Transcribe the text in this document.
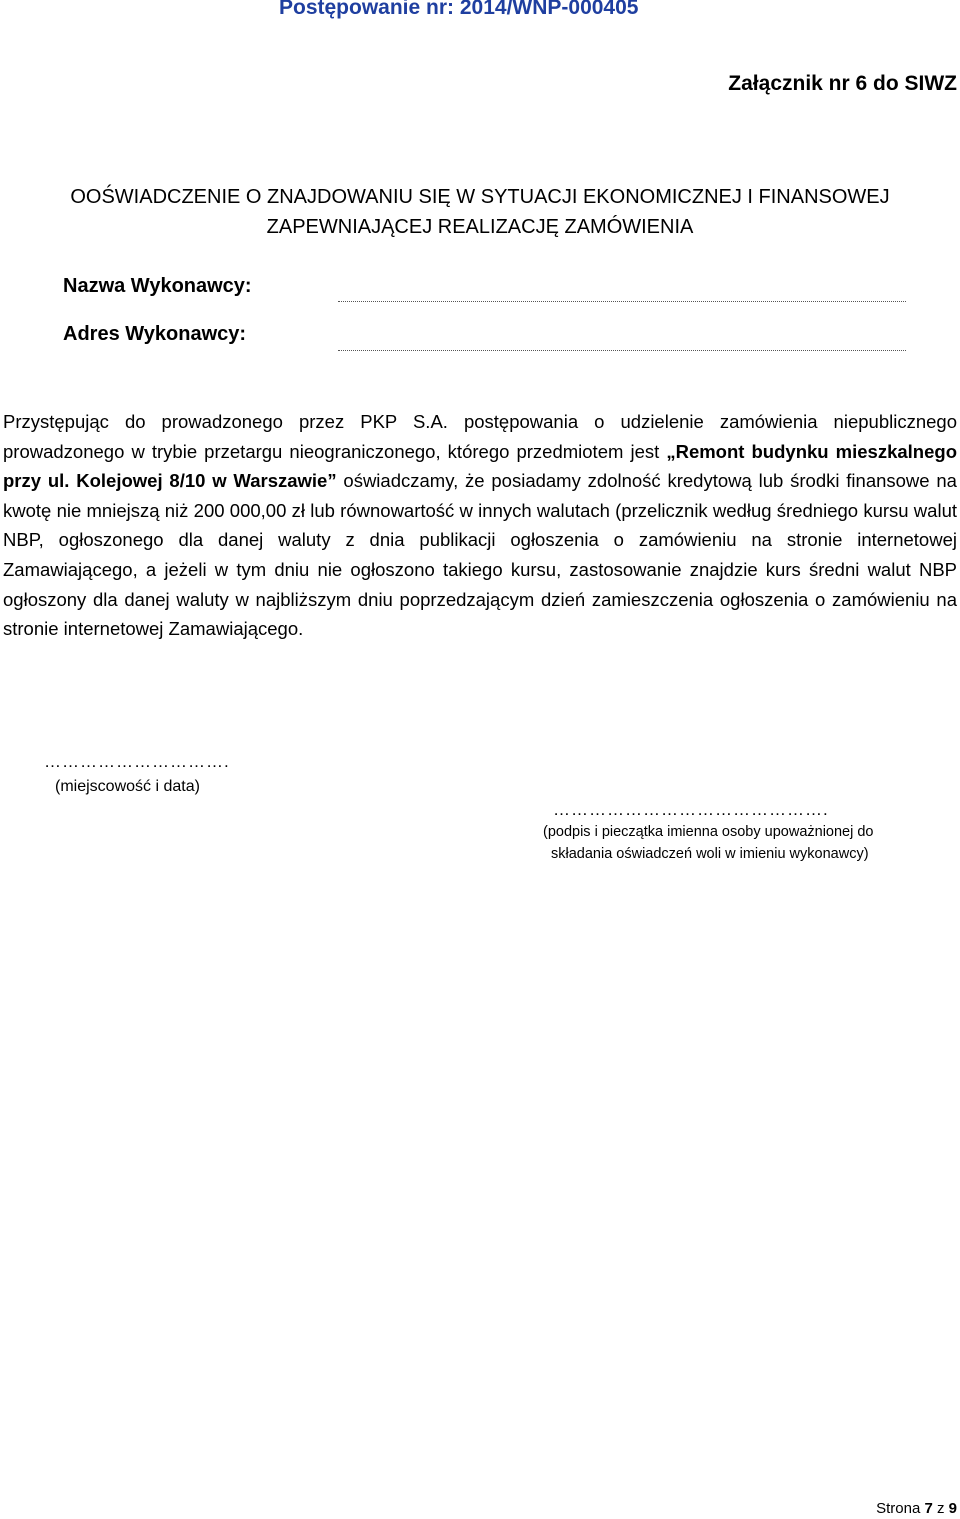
Postępowanie nr: 2014/WNP-000405
Załącznik nr 6 do SIWZ
OOŚWIADCZENIE O ZNAJDOWANIU SIĘ W SYTUACJI EKONOMICZNEJ I FINANSOWEJ
ZAPEWNIAJĄCEJ REALIZACJĘ ZAMÓWIENIA
Nazwa Wykonawcy:
Adres Wykonawcy:
Przystępując do prowadzonego przez PKP S.A. postępowania o udzielenie zamówienia niepublicznego prowadzonego w trybie przetargu nieograniczonego, którego przedmiotem jest „Remont budynku mieszkalnego przy ul. Kolejowej 8/10 w Warszawie” oświadczamy, że posiadamy zdolność kredytową lub środki finansowe na kwotę nie mniejszą niż 200 000,00 zł lub równowartość w innych walutach (przelicznik według średniego kursu walut NBP, ogłoszonego dla danej waluty z dnia publikacji ogłoszenia o zamówieniu na stronie internetowej Zamawiającego, a jeżeli w tym dniu nie ogłoszono takiego kursu, zastosowanie znajdzie kurs średni walut NBP ogłoszony dla danej waluty w najbliższym dniu poprzedzającym dzień zamieszczenia ogłoszenia o zamówieniu na stronie internetowej Zamawiającego.
………………………….
(miejscowość i data)
……………………………………….
(podpis i pieczątka imienna osoby upoważnionej do
składania oświadczeń woli w imieniu wykonawcy)
Strona 7 z 9
